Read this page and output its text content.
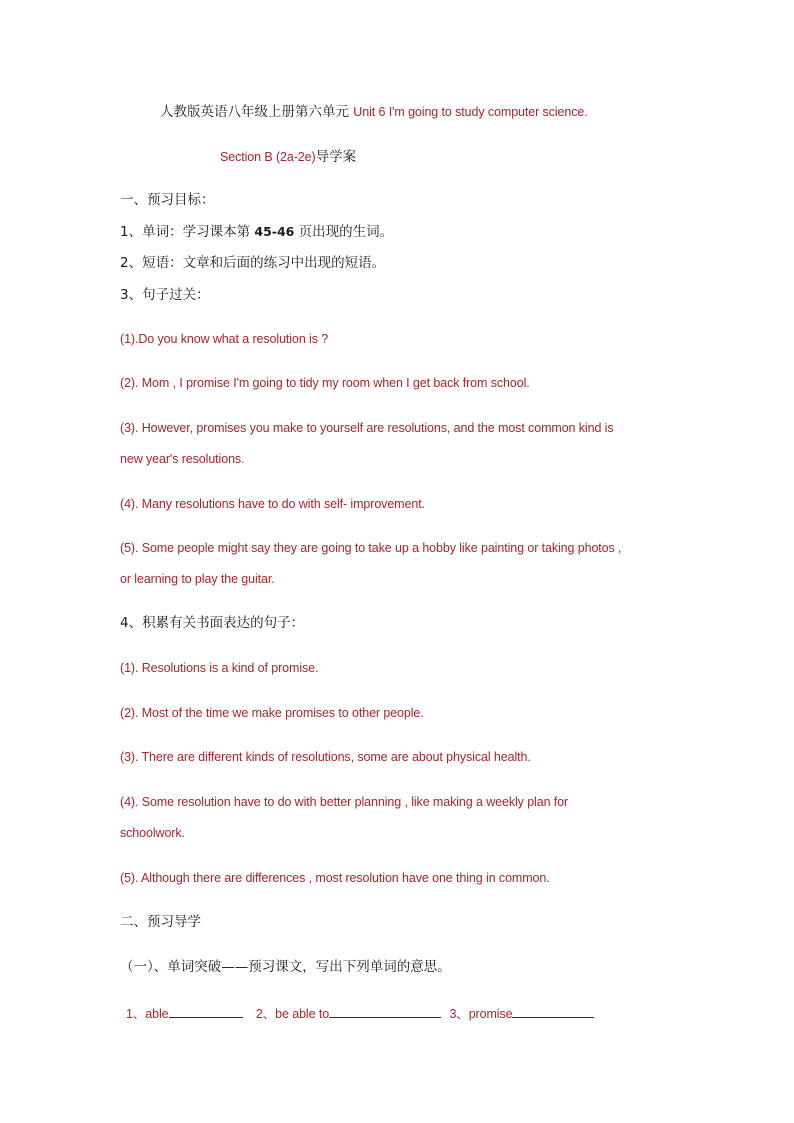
人教版英语八年级上册第六单元 Unit 6 I'm going to study computer science.
Section B (2a-2e)导学案
一、预习目标：
1、单词：学习课本第 45-46 页出现的生词。
2、短语：文章和后面的练习中出现的短语。
3、句子过关：
(1).Do you know what a resolution is ?
(2). Mom , I promise I'm going to tidy my room when I get back from school.
(3). However, promises you make to yourself are resolutions, and the most common kind is
new year's resolutions.
(4). Many resolutions have to do with self- improvement.
(5). Some people might say they are going to take up a hobby like painting or taking photos ,
or learning to play the guitar.
4、积累有关书面表达的句子：
(1). Resolutions is a kind of promise.
(2). Most of the time we make promises to other people.
(3). There are different kinds of resolutions, some are about physical health.
(4). Some resolution have to do with better planning , like making a weekly plan for
schoolwork.
(5). Although there are differences , most resolution have one thing in common.
二、预习导学
（一）、单词突破——预习课文，写出下列单词的意思。
1、able	2、be able to	3、promise
